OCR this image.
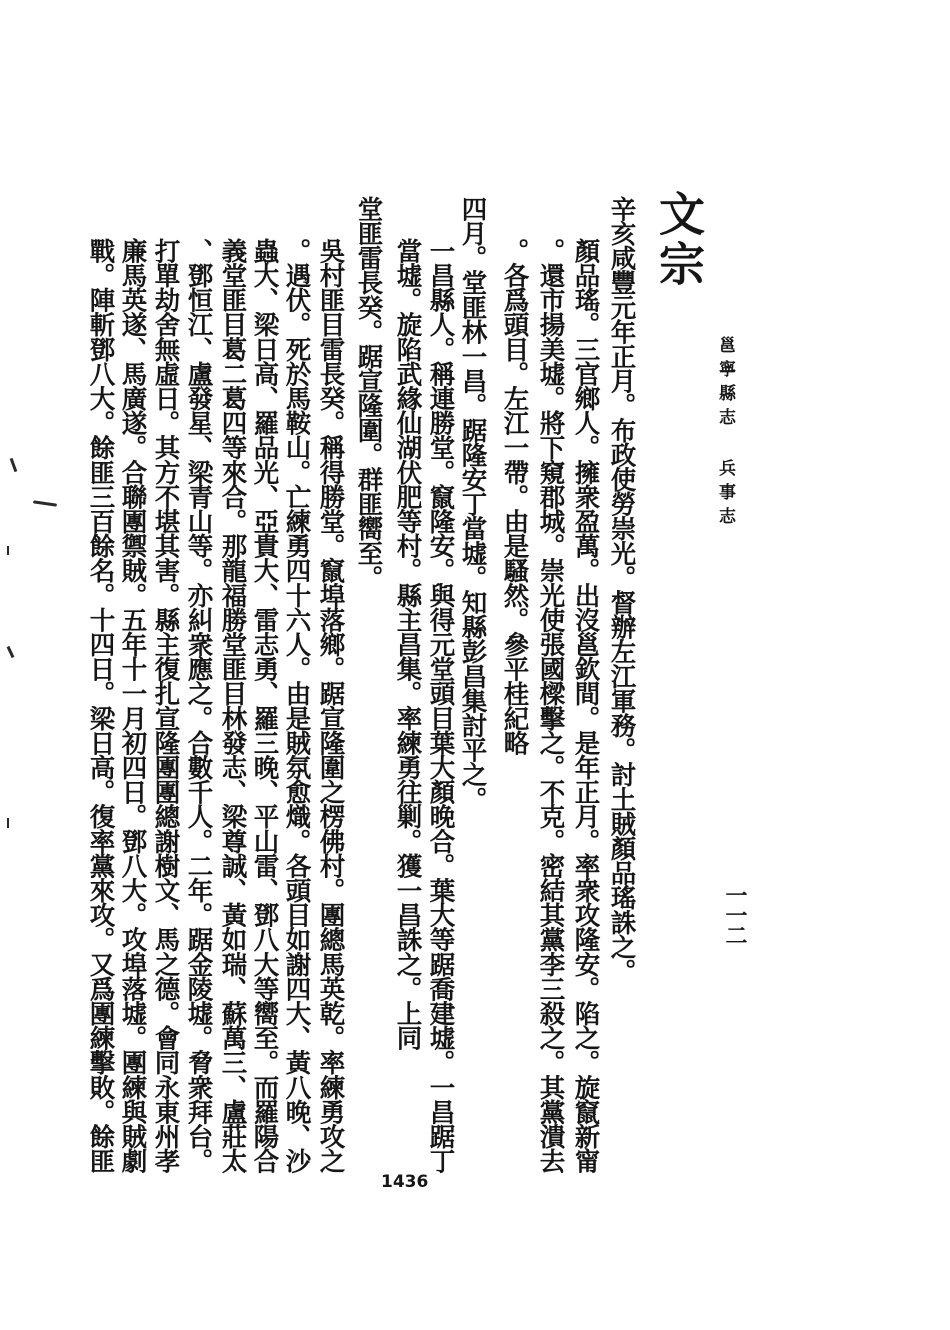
文宗
邕寧縣志 兵事志
一一二
辛亥咸豐元年正月。布政使勞崇光。督辦左江軍務。討土賊顏品瑤誅之。
顏品瑤。三官鄉人。擁衆盈萬。出沒邕欽間。是年正月。率衆攻隆安。陷之。旋竄新甯
。還市揚美墟。將下窺郡城。崇光使張國樑擊之。不克。密結其黨李三殺之。其黨潰去
。各爲頭目。左江一帶。由是騷然。參平桂紀略
四月。堂匪林一昌。踞隆安丁當墟。知縣彭昌集討平之。
一昌縣人。稱連勝堂。竄隆安。與得元堂頭目葉大顏晚合。葉大等踞喬建墟。一昌踞丁
當墟。旋陷武緣仙湖伏肥等村。縣主昌集。率練勇往剿。獲一昌誅之。上同
堂匪雷長癸。踞宣隆圍。群匪嚮至。
吳村匪目雷長癸。稱得勝堂。竄埠落鄉。踞宣隆圍之楞佛村。團總馬英乾。率練勇攻之
。遇伏。死於馬鞍山。亡練勇四十六人。由是賊氛愈熾。各頭目如謝四大、黃八晚、沙
蟲大、梁日高、羅品光、亞貴大、雷志勇、羅三晚、平山雷、鄧八大等嚮至。而羅陽合
義堂匪目葛二葛四等來合。那龍福勝堂匪目林發志、梁尊誠、黃如瑞、蘇萬三、盧莊太
、鄧恒江、盧發星、梁青山等。亦糾衆應之。合數千人。二年。踞金陵墟。脅衆拜台。
打單劫舍無虛日。其方不堪其害。縣主復扎宣隆團團總謝樹文、馬之德。會同永東州孝
廉馬英遂、馬廣遂。合聯團禦賊。五年十一月初四日。鄧八大。攻埠落墟。團練與賊劇
戰。陣斬鄧八大。餘匪三百餘名。十四日。梁日高。復率黨來攻。又爲團練擊敗。餘匪
1436
